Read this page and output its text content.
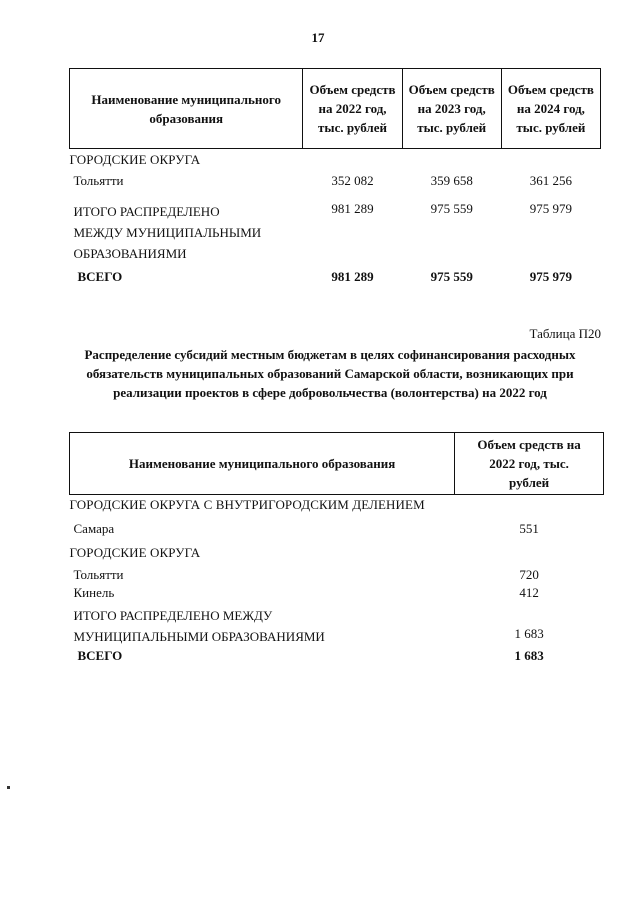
17
Наименование муниципального образования	Объем средств на 2022 год, тыс. рублей	Объем средств на 2023 год, тыс. рублей	Объем средств на 2024 год, тыс. рублей
ГОРОДСКИЕ ОКРУГА			
Тольятти	352 082	359 658	361 256

ИТОГО РАСПРЕДЕЛЕНО
МЕЖДУ МУНИЦИПАЛЬНЫМИ
ОБРАЗОВАНИЯМИ	981 289	975 559	975 979
ВСЕГО	981 289	975 559	975 979
Таблица П20
Распределение субсидий местным бюджетам в целях софинансирования расходных обязательств муниципальных образований Самарской области, возникающих при реализации проектов в сфере добровольчества (волонтерства) на 2022 год
Наименование муниципального образования	Объем средств на 2022 год, тыс. рублей
ГОРОДСКИЕ ОКРУГА С ВНУТРИГОРОДСКИМ ДЕЛЕНИЕМ	
Самара	551
ГОРОДСКИЕ ОКРУГА	
Тольятти	720
Кинель	412

ИТОГО РАСПРЕДЕЛЕНО МЕЖДУ
МУНИЦИПАЛЬНЫМИ ОБРАЗОВАНИЯМИ	1 683
ВСЕГО	1 683
